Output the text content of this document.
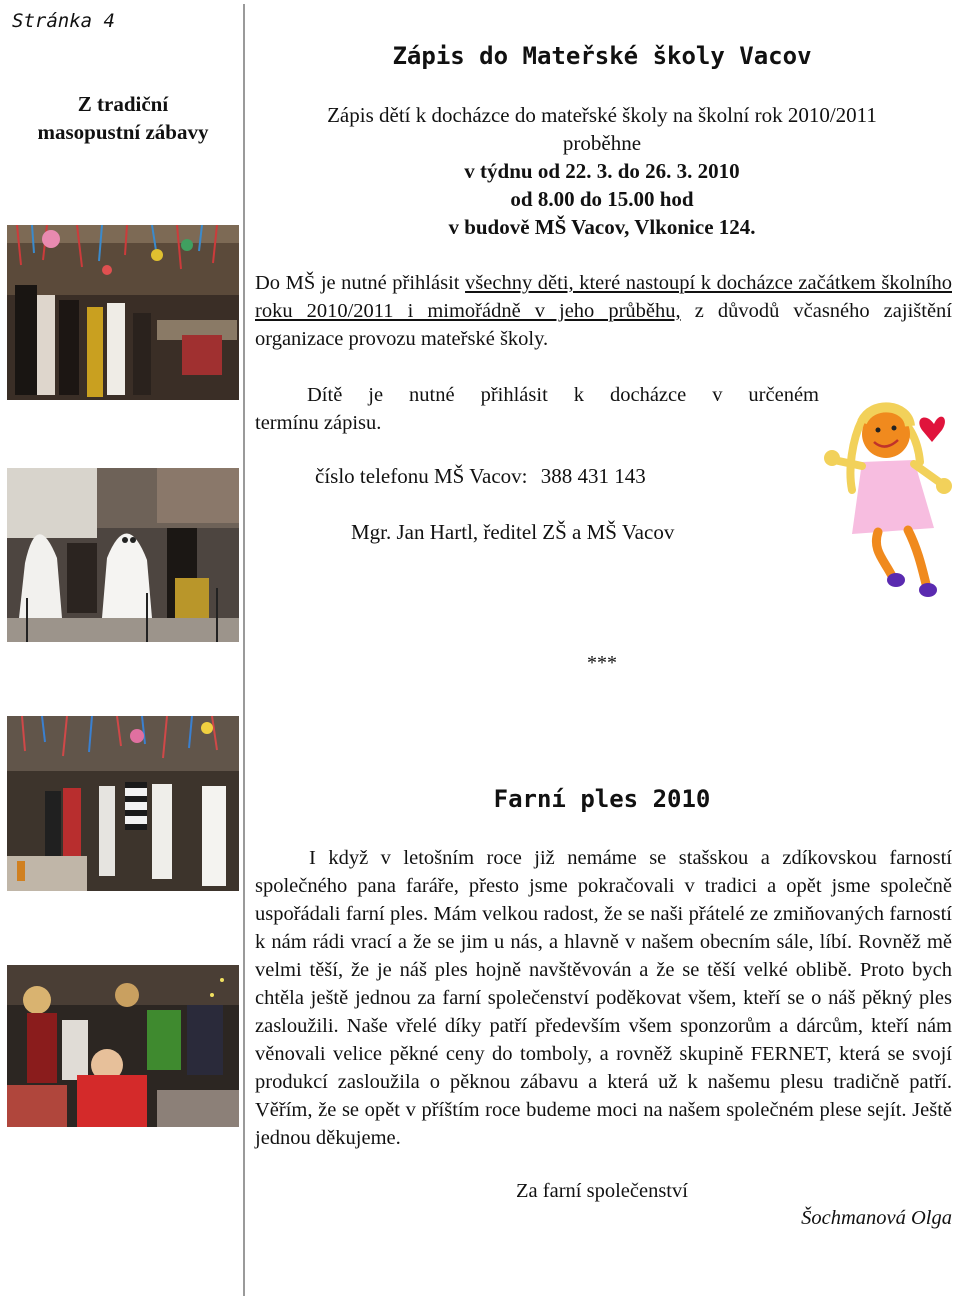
Stránka 4
Z tradiční
masopustní zábavy
Zápis do Mateřské školy Vacov
Zápis dětí k docházce do mateřské školy na školní rok 2010/2011
proběhne
v týdnu od 22. 3. do 26. 3. 2010
od 8.00 do 15.00 hod
v budově MŠ Vacov, Vlkonice 124.
Do MŠ je nutné přihlásit všechny děti, které nastoupí k docházce začátkem školního roku 2010/2011 i mimořádně v jeho průběhu, z důvodů včasného zajištění organizace provozu mateřské školy.
Dítě je nutné přihlásit k docházce v určeném
termínu zápisu.
číslo telefonu MŠ Vacov: 388 431 143
Mgr. Jan Hartl, ředitel ZŠ a MŠ Vacov
***
Farní ples 2010
I když v letošním roce již nemáme se stašskou a zdíkovskou farností společného pana faráře, přesto jsme pokračovali v tradici a opět jsme společně uspořádali farní ples. Mám velkou radost, že se naši přátelé ze zmiňovaných farností k nám rádi vrací a že se jim u nás, a hlavně v našem obecním sále, líbí. Rovněž mě velmi těší, že je náš ples hojně navštěvován a že se těší velké oblibě. Proto bych chtěla ještě jednou za farní společenství poděkovat všem, kteří se o náš pěkný ples zasloužili. Naše vřelé díky patří především všem sponzorům a dárcům, kteří nám věnovali velice pěkné ceny do tomboly, a rovněž skupině FERNET, která se svojí produkcí zasloužila o pěknou zábavu a která už k našemu plesu tradičně patří. Věřím, že se opět v příštím roce budeme moci na našem společném plese sejít. Ještě jednou děkujeme.
Za farní společenství
Šochmanová Olga
